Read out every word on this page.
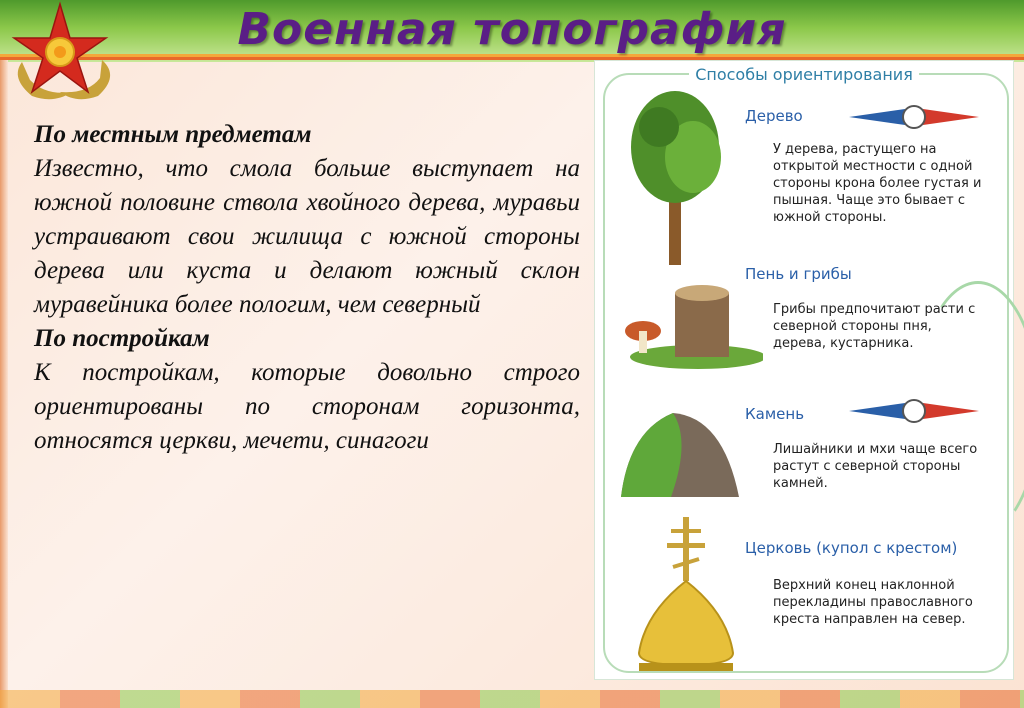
Военная топография
По местным предметам
Известно, что смола больше выступает на южной половине ствола хвойного дерева, муравьи устраивают свои жилища с южной стороны дерева или куста и делают южный склон муравейника более пологим, чем северный
По постройкам
К постройкам, которые довольно строго ориентированы по сторонам горизонта, относятся церкви, мечети, синагоги
Способы ориентирования
Дерево
У дерева, растущего на открытой местности с одной стороны крона более густая и пышная. Чаще это бывает с южной стороны.
Пень и грибы
Грибы предпочитают расти с северной стороны пня, дерева, кустарника.
Камень
Лишайники и мхи чаще всего растут с северной стороны камней.
Церковь (купол с крестом)
Верхний конец наклонной перекладины православного креста направлен на север.
